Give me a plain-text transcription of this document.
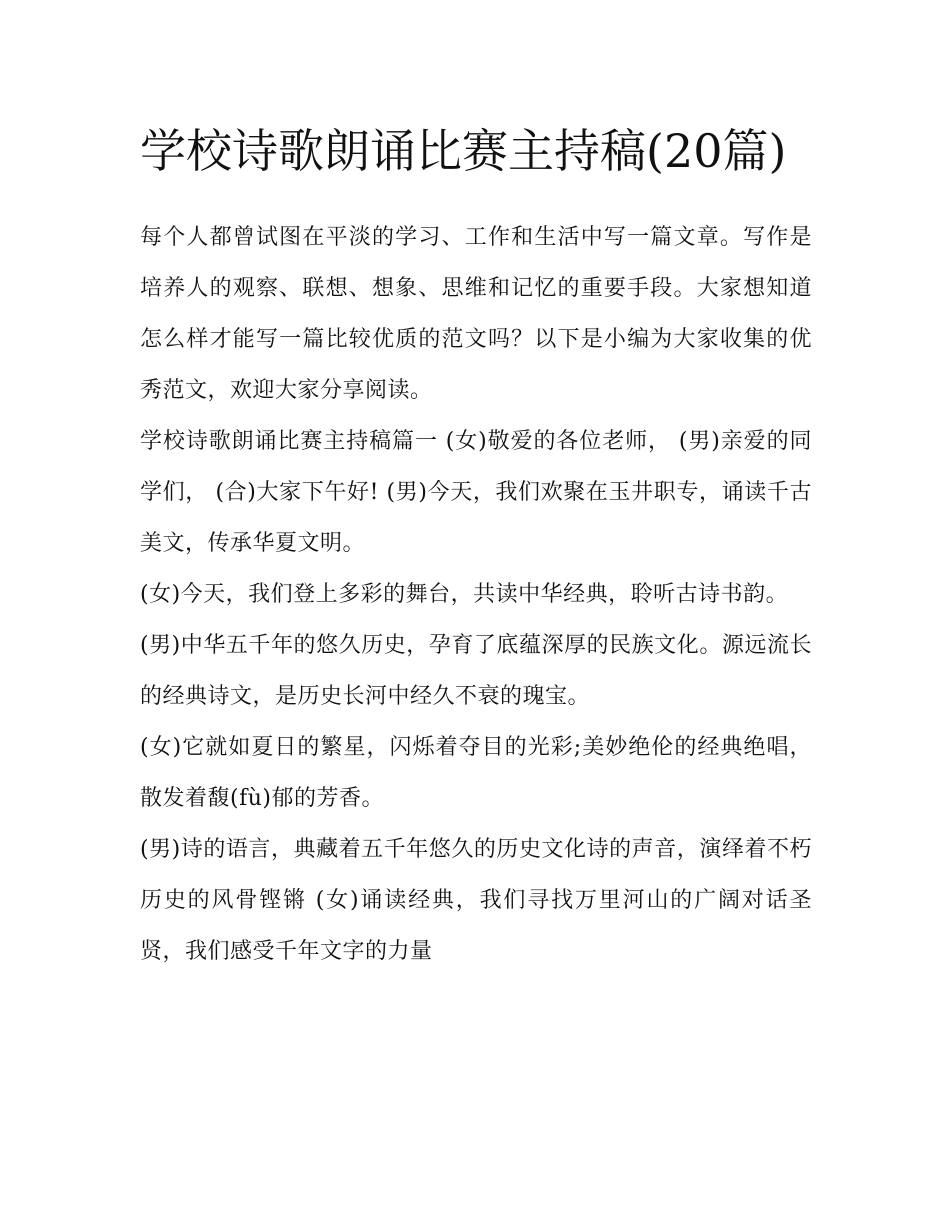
学校诗歌朗诵比赛主持稿(20篇)

每个人都曾试图在平淡的学习、工作和生活中写一篇文章。写作是培养人的观察、联想、想象、思维和记忆的重要手段。大家想知道怎么样才能写一篇比较优质的范文吗？以下是小编为大家收集的优秀范文，欢迎大家分享阅读。

学校诗歌朗诵比赛主持稿篇一 (女)敬爱的各位老师， (男)亲爱的同学们， (合)大家下午好! (男)今天，我们欢聚在玉井职专，诵读千古美文，传承华夏文明。

(女)今天，我们登上多彩的舞台，共读中华经典，聆听古诗书韵。

(男)中华五千年的悠久历史，孕育了底蕴深厚的民族文化。源远流长的经典诗文，是历史长河中经久不衰的瑰宝。

(女)它就如夏日的繁星，闪烁着夺目的光彩;美妙绝伦的经典绝唱，散发着馥(fù)郁的芳香。

(男)诗的语言，典藏着五千年悠久的历史文化诗的声音，演绎着不朽历史的风骨铿锵 (女)诵读经典，我们寻找万里河山的广阔对话圣贤，我们感受千年文字的力量
